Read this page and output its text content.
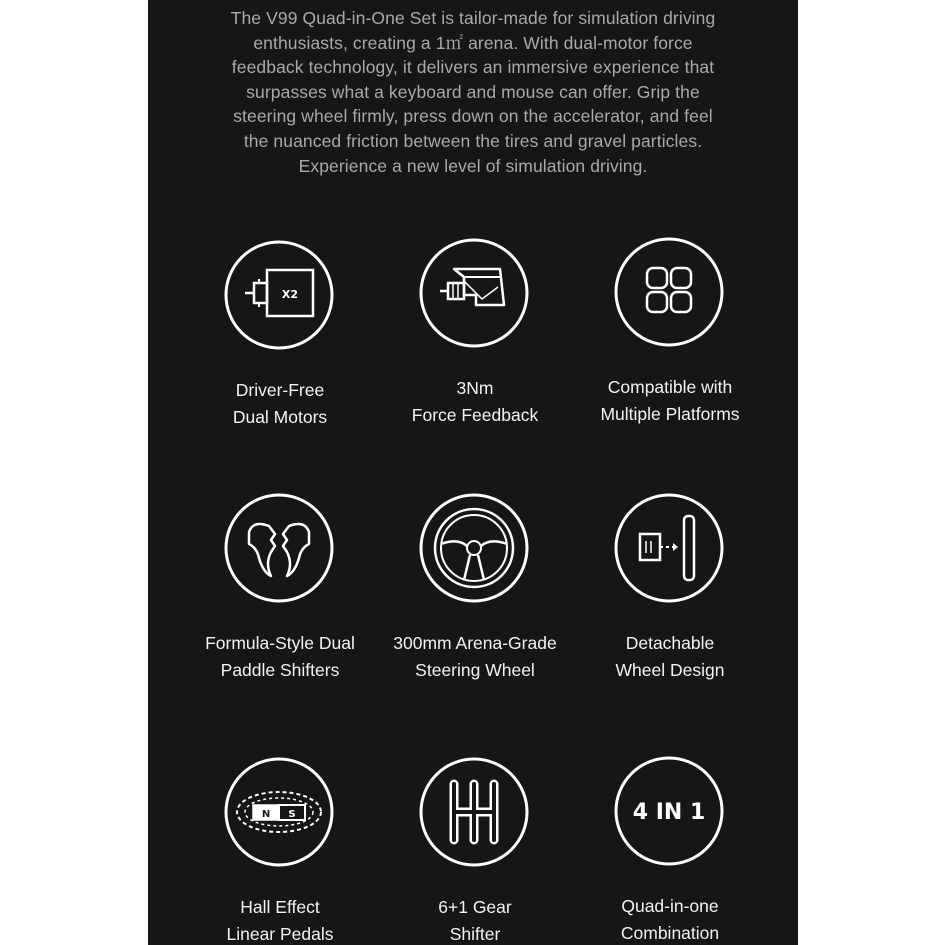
The V99 Quad-in-One Set is tailor-made for simulation driving
enthusiasts, creating a 1㎡ arena. With dual-motor force
feedback technology, it delivers an immersive experience that
surpasses what a keyboard and mouse can offer. Grip the
steering wheel firmly, press down on the accelerator, and feel
the nuanced friction between the tires and gravel particles.
Experience a new level of simulation driving.
X2
Driver-Free
Dual Motors
3Nm
Force Feedback
Compatible with
Multiple Platforms
Formula-Style Dual
Paddle Shifters
300mm Arena-Grade
Steering Wheel
Detachable
Wheel Design
N S
Hall Effect
Linear Pedals
6+1 Gear
Shifter
4 IN 1
Quad-in-one
Combination
